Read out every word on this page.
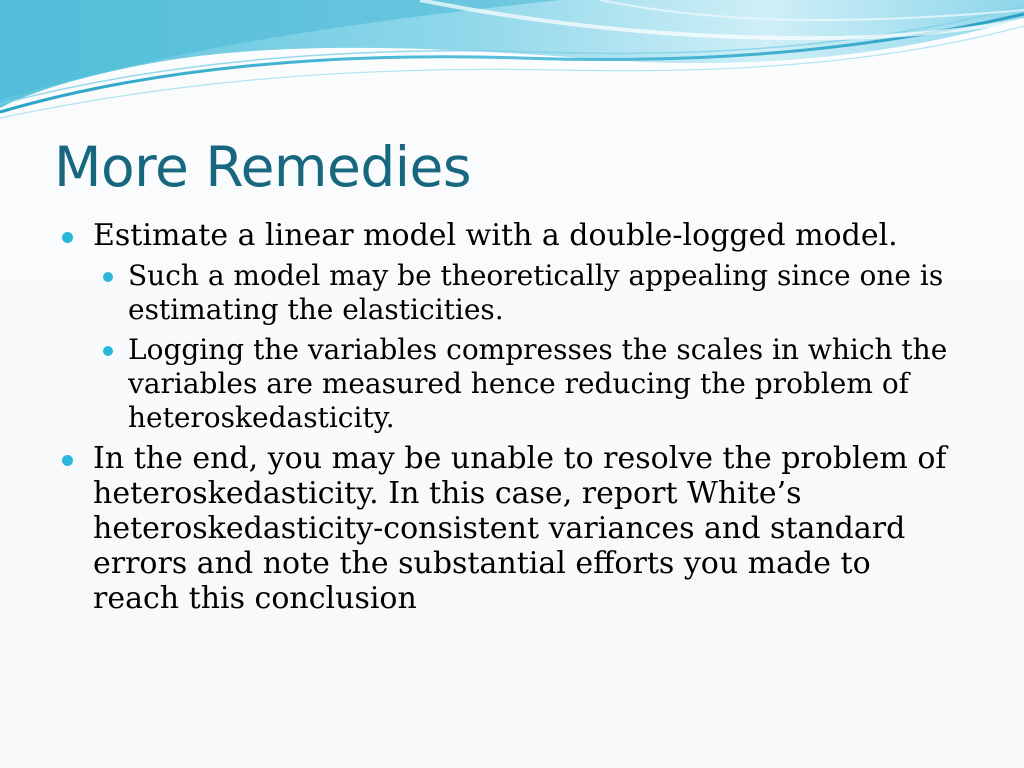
More Remedies
Estimate a linear model with a double-logged model.
Such a model may be theoretically appealing since one is estimating the elasticities.
Logging the variables compresses the scales in which the variables are measured hence reducing the problem of heteroskedasticity.
In the end, you may be unable to resolve the problem of heteroskedasticity. In this case, report White’s heteroskedasticity-consistent variances and standard errors and note the substantial efforts you made to reach this conclusion
